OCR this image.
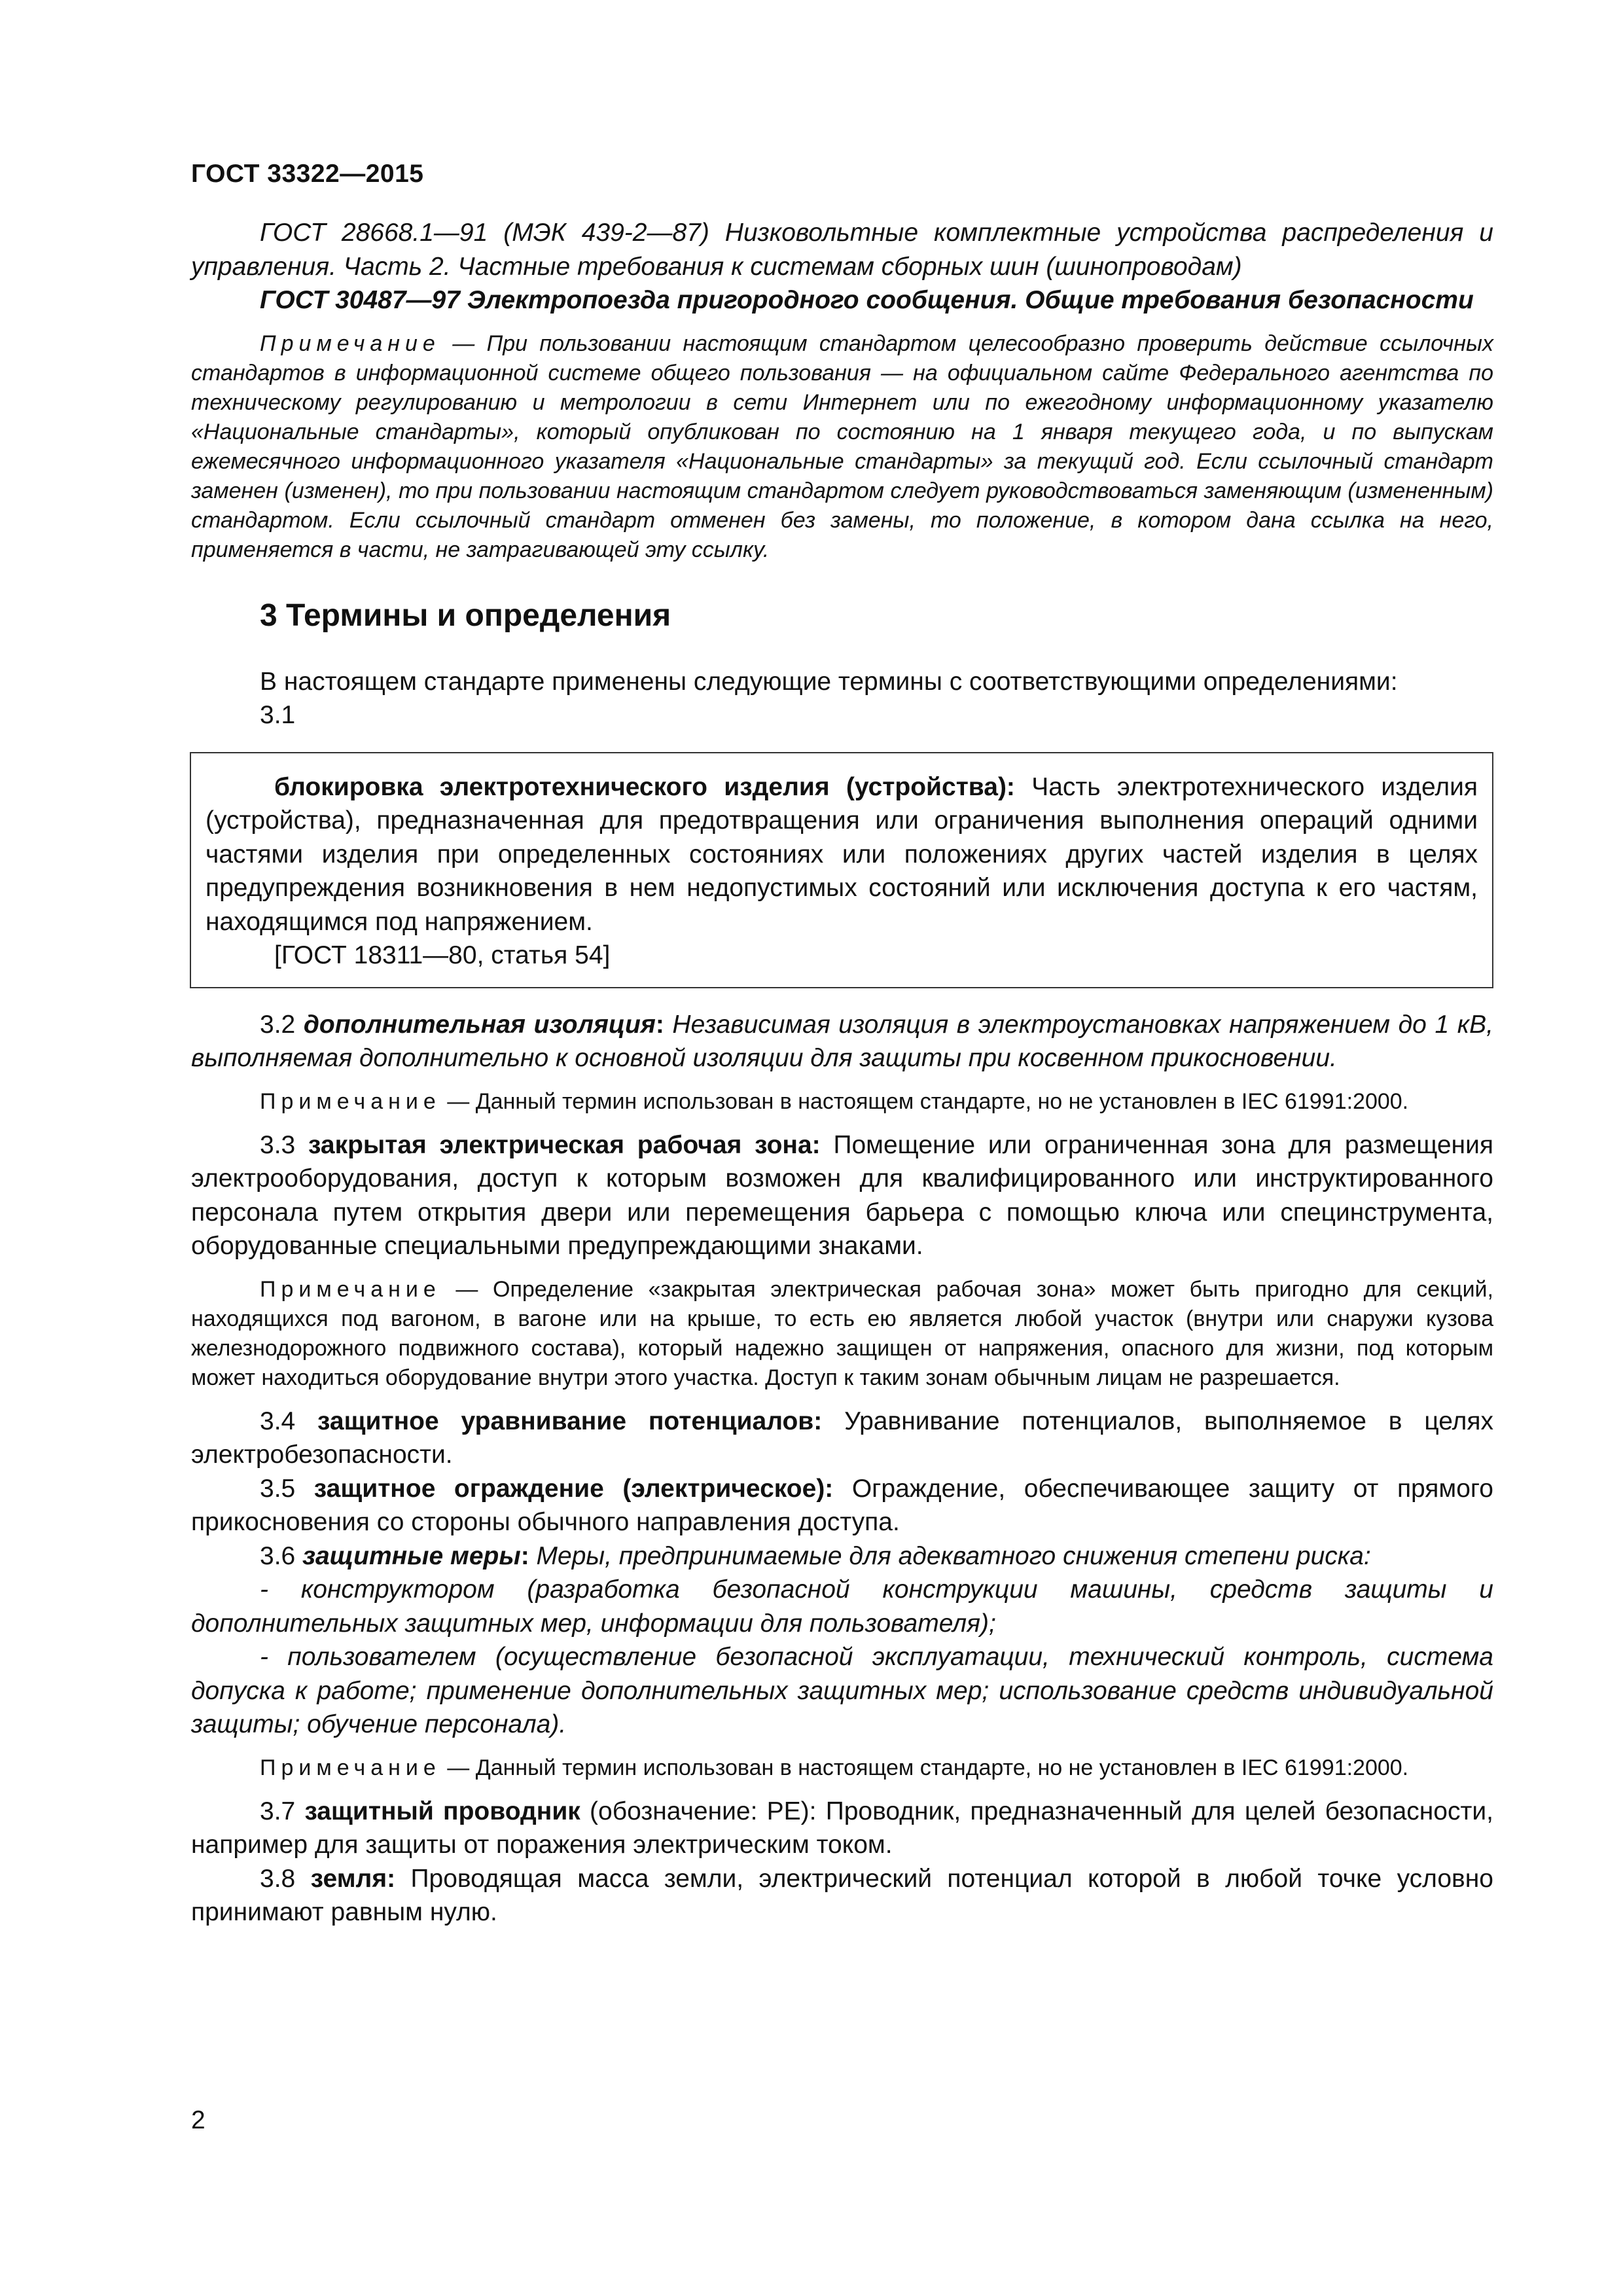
ГОСТ 33322—2015

ГОСТ 28668.1—91 (МЭК 439-2—87) Низковольтные комплектные устройства распределения и управления. Часть 2. Частные требования к системам сборных шин (шинопроводам)

ГОСТ 30487—97 Электропоезда пригородного сообщения. Общие требования безопасности

Примечание — При пользовании настоящим стандартом целесообразно проверить действие ссылочных стандартов в информационной системе общего пользования — на официальном сайте Федерального агентства по техническому регулированию и метрологии в сети Интернет или по ежегодному информационному указателю «Национальные стандарты», который опубликован по состоянию на 1 января текущего года, и по выпускам ежемесячного информационного указателя «Национальные стандарты» за текущий год. Если ссылочный стандарт заменен (изменен), то при пользовании настоящим стандартом следует руководствоваться заменяющим (измененным) стандартом. Если ссылочный стандарт отменен без замены, то положение, в котором дана ссылка на него, применяется в части, не затрагивающей эту ссылку.

3 Термины и определения

В настоящем стандарте применены следующие термины с соответствующими определениями:

3.1

блокировка электротехнического изделия (устройства): Часть электротехнического изделия (устройства), предназначенная для предотвращения или ограничения выполнения операций одними частями изделия при определенных состояниях или положениях других частей изделия в целях предупреждения возникновения в нем недопустимых состояний или исключения доступа к его частям, находящимся под напряжением.

[ГОСТ 18311—80, статья 54]

3.2 дополнительная изоляция: Независимая изоляция в электроустановках напряжением до 1 кВ, выполняемая дополнительно к основной изоляции для защиты при косвенном прикосновении.

Примечание — Данный термин использован в настоящем стандарте, но не установлен в IEC 61991:2000.

3.3 закрытая электрическая рабочая зона: Помещение или ограниченная зона для размещения электрооборудования, доступ к которым возможен для квалифицированного или инструктированного персонала путем открытия двери или перемещения барьера с помощью ключа или специнструмента, оборудованные специальными предупреждающими знаками.

Примечание — Определение «закрытая электрическая рабочая зона» может быть пригодно для секций, находящихся под вагоном, в вагоне или на крыше, то есть ею является любой участок (внутри или снаружи кузова железнодорожного подвижного состава), который надежно защищен от напряжения, опасного для жизни, под которым может находиться оборудование внутри этого участка. Доступ к таким зонам обычным лицам не разрешается.

3.4 защитное уравнивание потенциалов: Уравнивание потенциалов, выполняемое в целях электробезопасности.

3.5 защитное ограждение (электрическое): Ограждение, обеспечивающее защиту от прямого прикосновения со стороны обычного направления доступа.

3.6 защитные меры: Меры, предпринимаемые для адекватного снижения степени риска:

- конструктором (разработка безопасной конструкции машины, средств защиты и дополнительных защитных мер, информации для пользователя);

- пользователем (осуществление безопасной эксплуатации, технический контроль, система допуска к работе; применение дополнительных защитных мер; использование средств индивидуальной защиты; обучение персонала).

Примечание — Данный термин использован в настоящем стандарте, но не установлен в IEC 61991:2000.

3.7 защитный проводник (обозначение: PE): Проводник, предназначенный для целей безопасности, например для защиты от поражения электрическим током.

3.8 земля: Проводящая масса земли, электрический потенциал которой в любой точке условно принимают равным нулю.

2
